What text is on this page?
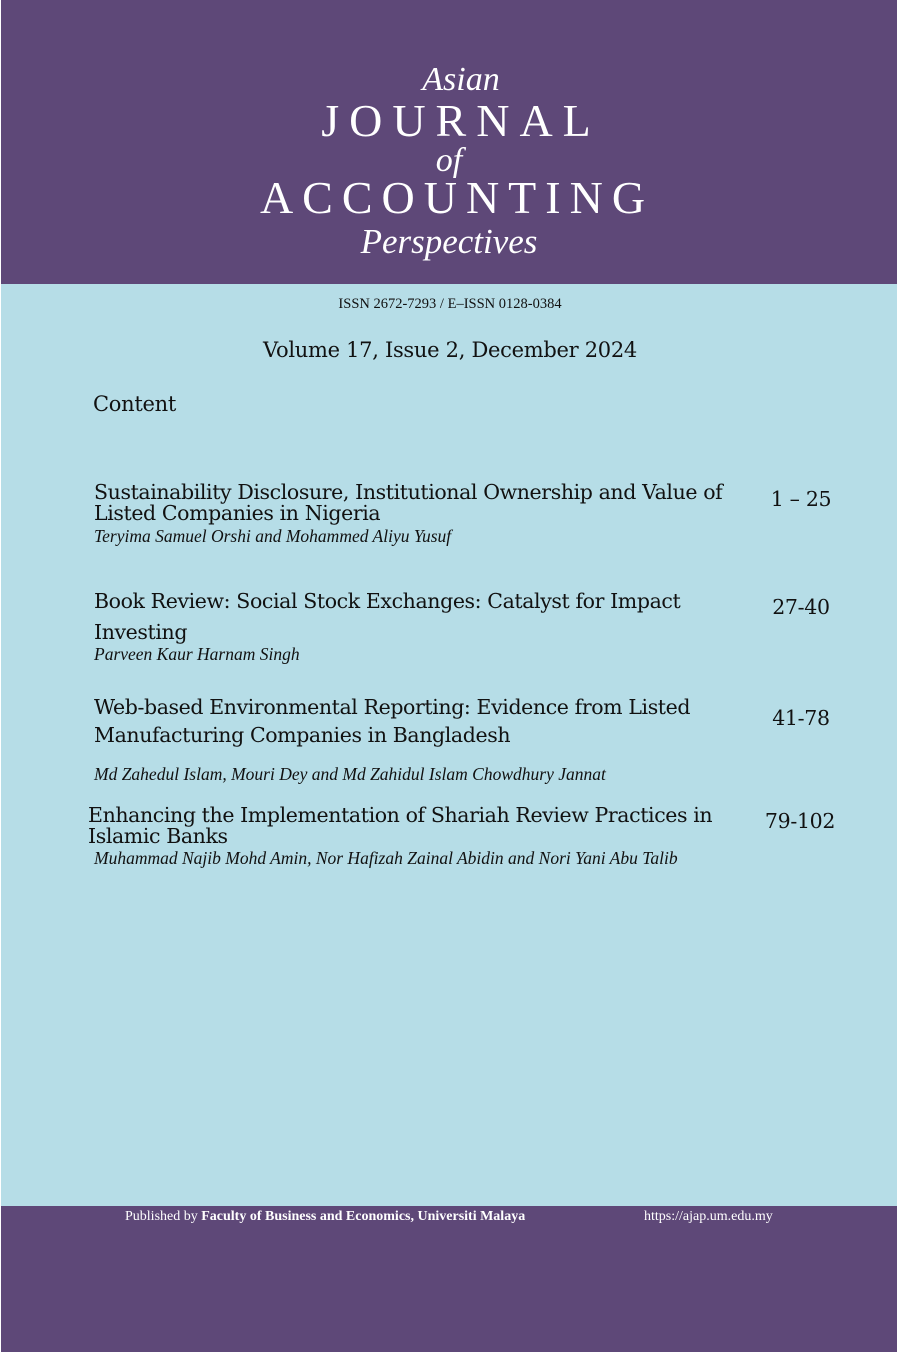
Asian
JOURNAL
of
ACCOUNTING
Perspectives
ISSN 2672-7293 / E–ISSN 0128-0384
Volume 17, Issue 2, December 2024
Content
Sustainability Disclosure, Institutional Ownership and Value of Listed Companies in Nigeria
Teryima Samuel Orshi and Mohammed Aliyu Yusuf
1 – 25
Book Review: Social Stock Exchanges: Catalyst for Impact Investing
Parveen Kaur Harnam Singh
27-40
Web-based Environmental Reporting: Evidence from Listed Manufacturing Companies in Bangladesh
Md Zahedul Islam, Mouri Dey and Md Zahidul Islam Chowdhury Jannat
41-78
Enhancing the Implementation of Shariah Review Practices in Islamic Banks
Muhammad Najib Mohd Amin, Nor Hafizah Zainal Abidin and Nori Yani Abu Talib
79-102
Published by Faculty of Business and Economics, Universiti Malaya	https://ajap.um.edu.my
